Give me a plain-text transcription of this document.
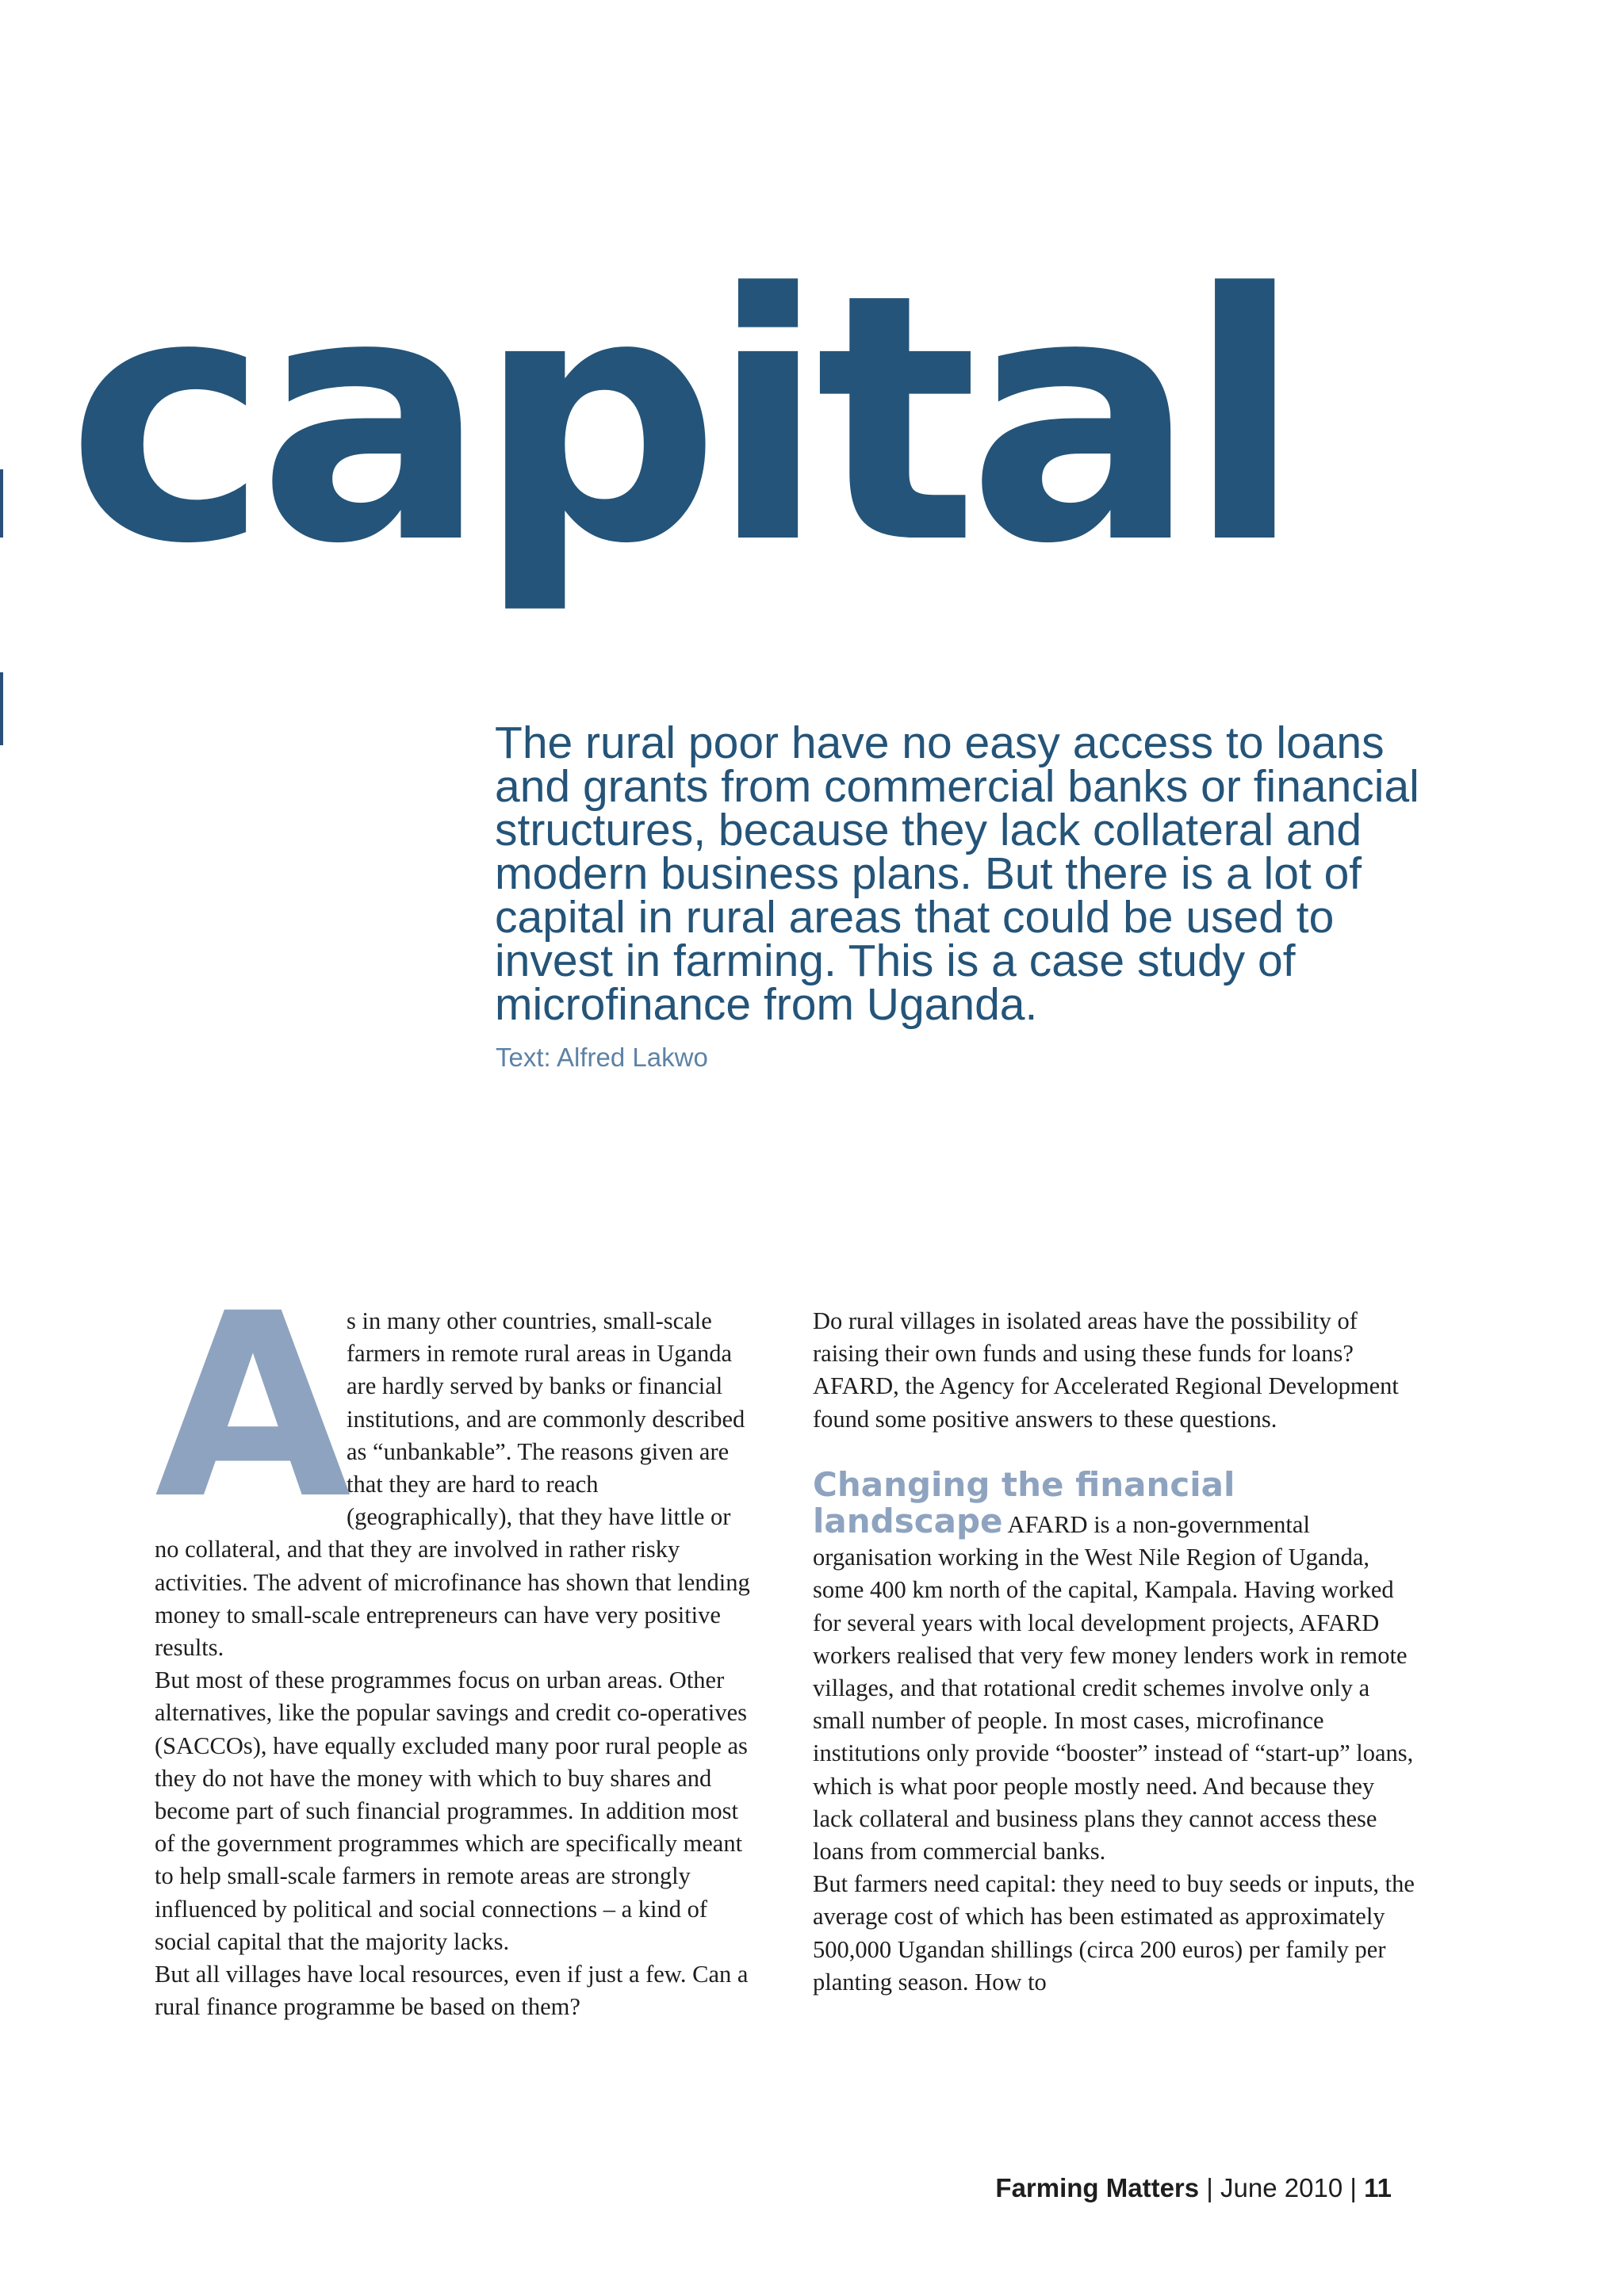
capital

The rural poor have no easy access to loans and grants from commercial banks or financial structures, because they lack collateral and modern business plans. But there is a lot of capital in rural areas that could be used to invest in farming. This is a case study of microfinance from Uganda.

Text: Alfred Lakwo

A

s in many other countries, small-scale farmers in remote rural areas in Uganda are hardly served by banks or financial institutions, and are commonly described as “unbankable”. The reasons given are that they are hard to reach (geographically), that they have little or no collateral, and that they are involved in rather risky activities. The advent of microfinance has shown that lending money to small-scale entrepreneurs can have very positive results.

But most of these programmes focus on urban areas. Other alternatives, like the popular savings and credit co-operatives (SACCOs), have equally excluded many poor rural people as they do not have the money with which to buy shares and become part of such financial programmes. In addition most of the government programmes which are specifically meant to help small-scale farmers in remote areas are strongly influenced by political and social connections – a kind of social capital that the majority lacks.

But all villages have local resources, even if just a few. Can a rural finance programme be based on them?

Do rural villages in isolated areas have the possibility of raising their own funds and using these funds for loans? AFARD, the Agency for Accelerated Regional Development found some positive answers to these questions.

Changing the financial landscape AFARD is a non-governmental organisation working in the West Nile Region of Uganda, some 400 km north of the capital, Kampala. Having worked for several years with local development projects, AFARD workers realised that very few money lenders work in remote villages, and that rotational credit schemes involve only a small number of people. In most cases, microfinance institutions only provide “booster” instead of “start-up” loans, which is what poor people mostly need. And because they lack collateral and business plans they cannot access these loans from commercial banks.

But farmers need capital: they need to buy seeds or inputs, the average cost of which has been estimated as approximately 500,000 Ugandan shillings (circa 200 euros) per family per planting season. How to

Farming Matters | June 2010 | 11
